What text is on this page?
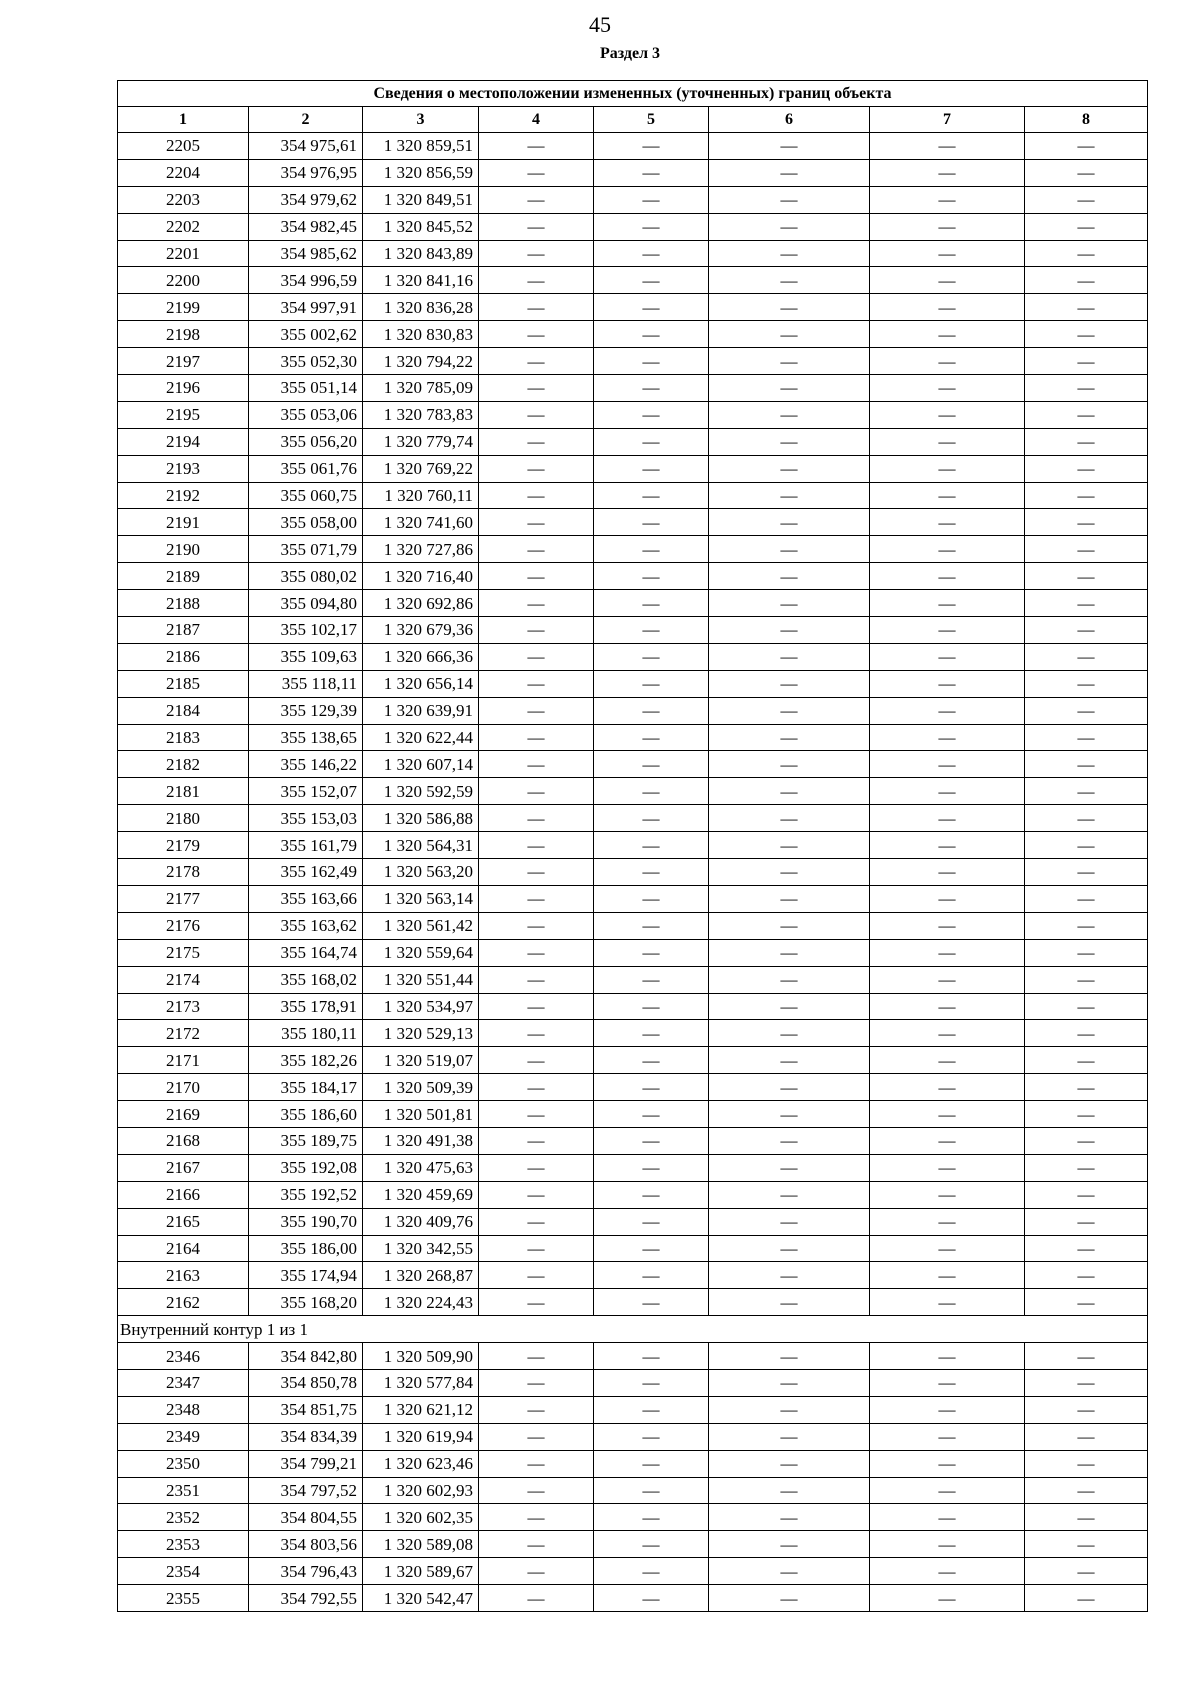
45
Раздел 3
Сведения о местоположении измененных (уточненных) границ объекта							
1	2	3	4	5	6	7	8
2205	354 975,61	1 320 859,51	—	—	—	—	—
2204	354 976,95	1 320 856,59	—	—	—	—	—
2203	354 979,62	1 320 849,51	—	—	—	—	—
2202	354 982,45	1 320 845,52	—	—	—	—	—
2201	354 985,62	1 320 843,89	—	—	—	—	—
2200	354 996,59	1 320 841,16	—	—	—	—	—
2199	354 997,91	1 320 836,28	—	—	—	—	—
2198	355 002,62	1 320 830,83	—	—	—	—	—
2197	355 052,30	1 320 794,22	—	—	—	—	—
2196	355 051,14	1 320 785,09	—	—	—	—	—
2195	355 053,06	1 320 783,83	—	—	—	—	—
2194	355 056,20	1 320 779,74	—	—	—	—	—
2193	355 061,76	1 320 769,22	—	—	—	—	—
2192	355 060,75	1 320 760,11	—	—	—	—	—
2191	355 058,00	1 320 741,60	—	—	—	—	—
2190	355 071,79	1 320 727,86	—	—	—	—	—
2189	355 080,02	1 320 716,40	—	—	—	—	—
2188	355 094,80	1 320 692,86	—	—	—	—	—
2187	355 102,17	1 320 679,36	—	—	—	—	—
2186	355 109,63	1 320 666,36	—	—	—	—	—
2185	355 118,11	1 320 656,14	—	—	—	—	—
2184	355 129,39	1 320 639,91	—	—	—	—	—
2183	355 138,65	1 320 622,44	—	—	—	—	—
2182	355 146,22	1 320 607,14	—	—	—	—	—
2181	355 152,07	1 320 592,59	—	—	—	—	—
2180	355 153,03	1 320 586,88	—	—	—	—	—
2179	355 161,79	1 320 564,31	—	—	—	—	—
2178	355 162,49	1 320 563,20	—	—	—	—	—
2177	355 163,66	1 320 563,14	—	—	—	—	—
2176	355 163,62	1 320 561,42	—	—	—	—	—
2175	355 164,74	1 320 559,64	—	—	—	—	—
2174	355 168,02	1 320 551,44	—	—	—	—	—
2173	355 178,91	1 320 534,97	—	—	—	—	—
2172	355 180,11	1 320 529,13	—	—	—	—	—
2171	355 182,26	1 320 519,07	—	—	—	—	—
2170	355 184,17	1 320 509,39	—	—	—	—	—
2169	355 186,60	1 320 501,81	—	—	—	—	—
2168	355 189,75	1 320 491,38	—	—	—	—	—
2167	355 192,08	1 320 475,63	—	—	—	—	—
2166	355 192,52	1 320 459,69	—	—	—	—	—
2165	355 190,70	1 320 409,76	—	—	—	—	—
2164	355 186,00	1 320 342,55	—	—	—	—	—
2163	355 174,94	1 320 268,87	—	—	—	—	—
2162	355 168,20	1 320 224,43	—	—	—	—	—
Внутренний контур 1 из 1							
2346	354 842,80	1 320 509,90	—	—	—	—	—
2347	354 850,78	1 320 577,84	—	—	—	—	—
2348	354 851,75	1 320 621,12	—	—	—	—	—
2349	354 834,39	1 320 619,94	—	—	—	—	—
2350	354 799,21	1 320 623,46	—	—	—	—	—
2351	354 797,52	1 320 602,93	—	—	—	—	—
2352	354 804,55	1 320 602,35	—	—	—	—	—
2353	354 803,56	1 320 589,08	—	—	—	—	—
2354	354 796,43	1 320 589,67	—	—	—	—	—
2355	354 792,55	1 320 542,47	—	—	—	—	—
